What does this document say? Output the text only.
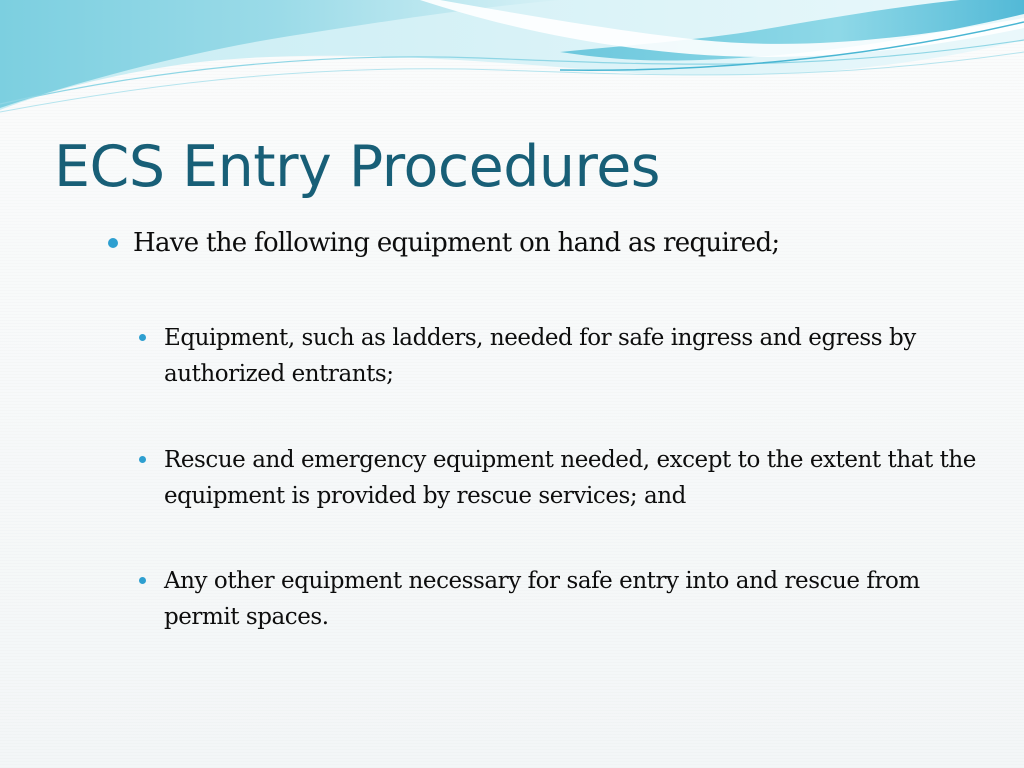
ECS Entry Procedures
Have the following equipment on hand as required;
Equipment, such as ladders, needed for safe ingress and egress by authorized entrants;
Rescue and emergency equipment needed, except to the extent that the equipment is provided by rescue services; and
Any other equipment necessary for safe entry into and rescue from permit spaces.
